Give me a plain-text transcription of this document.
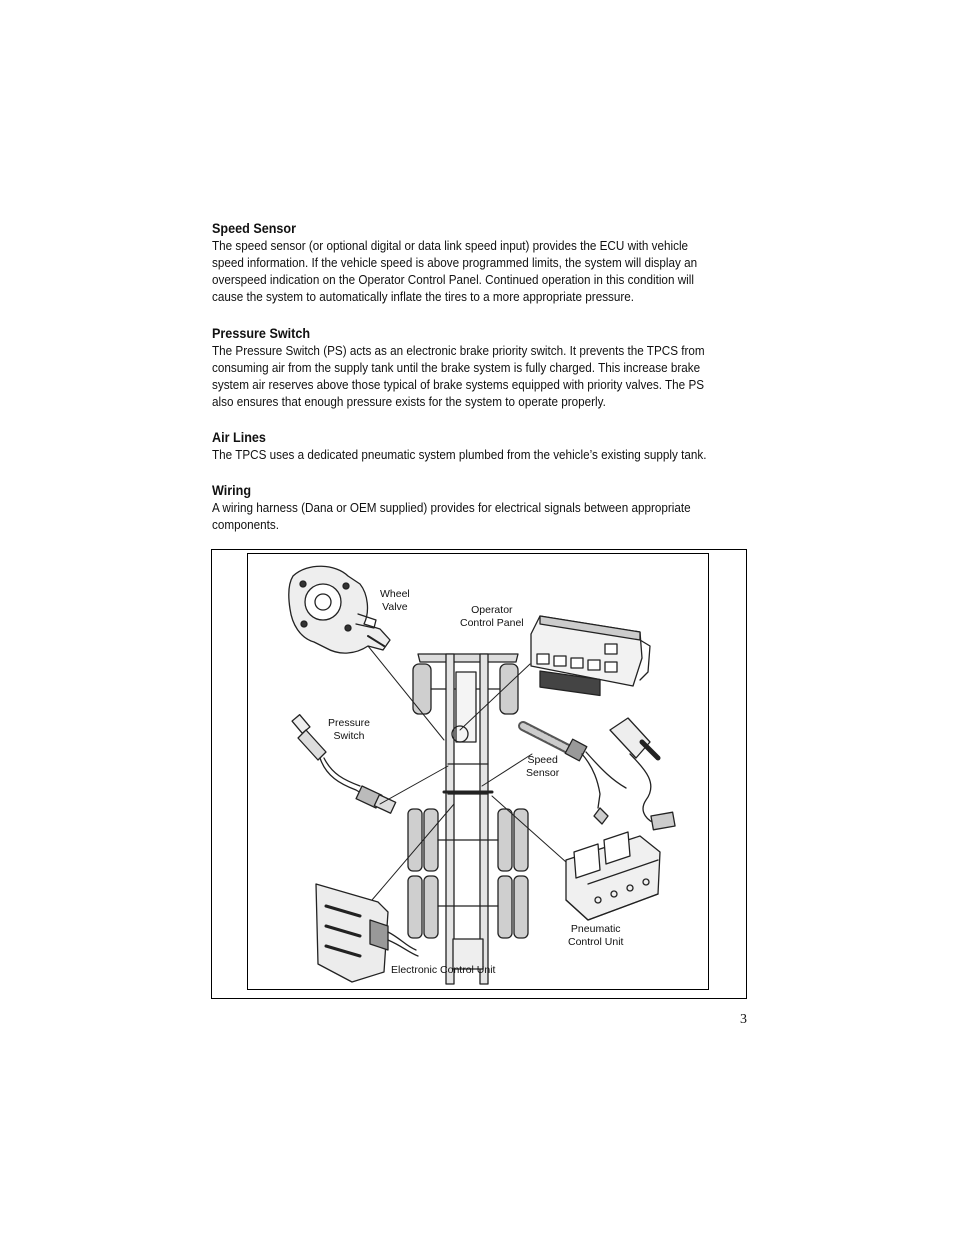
Speed Sensor

The speed sensor (or optional digital or data link speed input) provides the ECU with vehicle
speed information. If the vehicle speed is above programmed limits, the system will display an
overspeed indication on the Operator Control Panel. Continued operation in this condition will
cause the system to automatically inflate the tires to a more appropriate pressure.

Pressure Switch

The Pressure Switch (PS) acts as an electronic brake priority switch. It prevents the TPCS from
consuming air from the supply tank until the brake system is fully charged. This increase brake
system air reserves above those typical of brake systems equipped with priority valves. The PS
also ensures that enough pressure exists for the system to operate properly.

Air Lines

The TPCS uses a dedicated pneumatic system plumbed from the vehicle’s existing supply tank.

Wiring

A wiring harness (Dana or OEM supplied) provides for electrical signals between appropriate
components.

Wheel
Valve	Operator
Control Panel
Pressure
Switch
Speed
Sensor
Pneumatic
Control Unit
Electronic Control Unit
3
